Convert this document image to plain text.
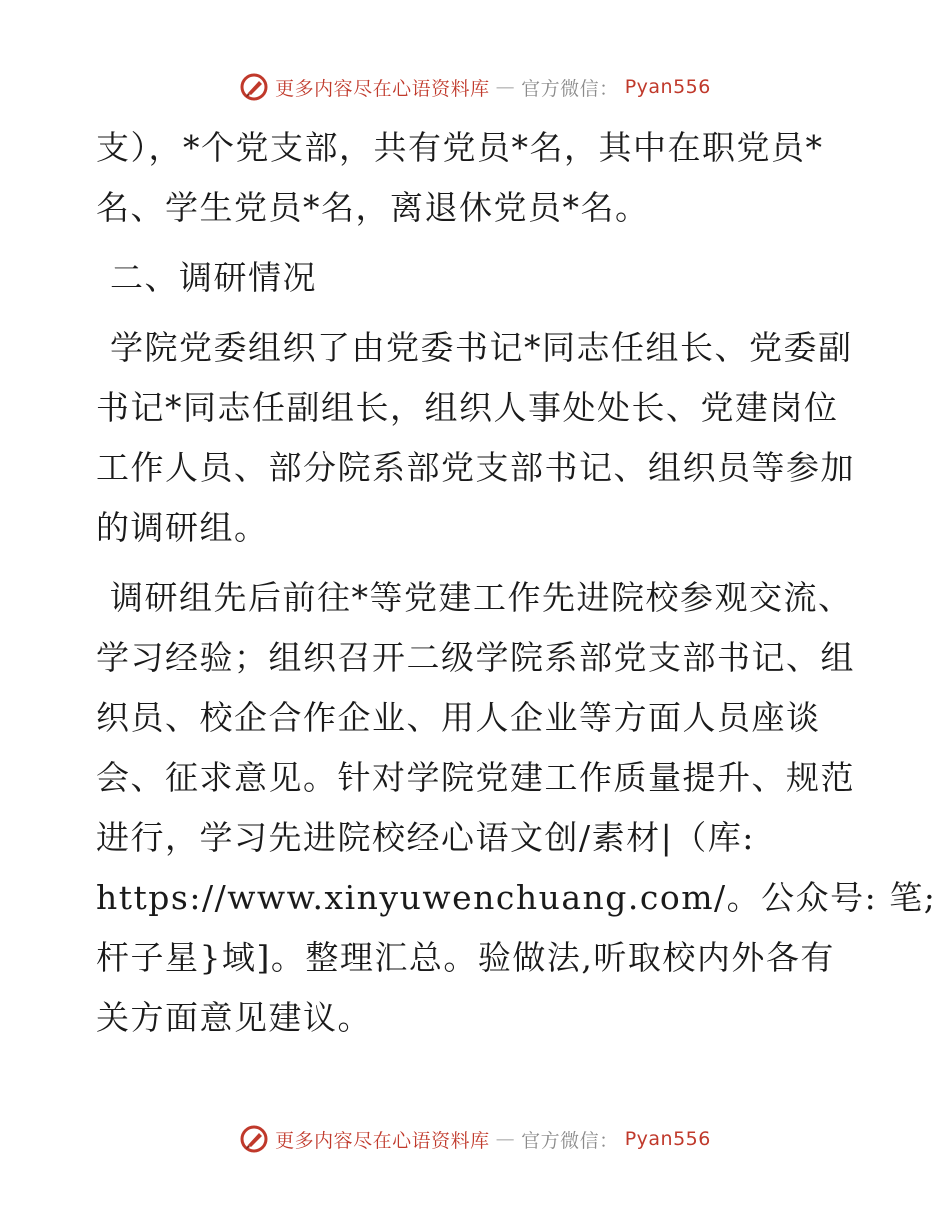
更多内容尽在心语资料库 — 官方微信： Pyan556
支），*个党支部，共有党员*名，其中在职党员*
名、学生党员*名，离退休党员*名。
二、调研情况
学院党委组织了由党委书记*同志任组长、党委副
书记*同志任副组长，组织人事处处长、党建岗位
工作人员、部分院系部党支部书记、组织员等参加
的调研组。
调研组先后前往*等党建工作先进院校参观交流、
学习经验；组织召开二级学院系部党支部书记、组
织员、校企合作企业、用人企业等方面人员座谈
会、征求意见。针对学院党建工作质量提升、规范
进行，学习先进院校经心语文创/素材|（库:
https://www.xinyuwenchuang.com/。公众号: 笔;
杆子星}域]。整理汇总。验做法,听取校内外各有
关方面意见建议。
更多内容尽在心语资料库 — 官方微信： Pyan556
